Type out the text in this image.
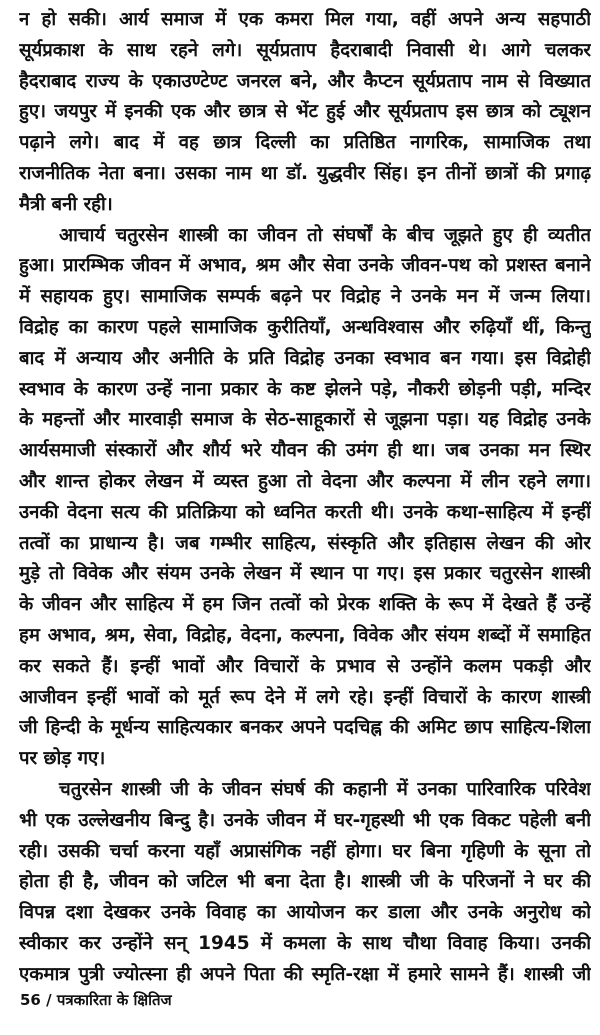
न हो सकी। आर्य समाज में एक कमरा मिल गया, वहीं अपने अन्य सहपाठी
सूर्यप्रकाश के साथ रहने लगे। सूर्यप्रताप हैदराबादी निवासी थे। आगे चलकर
हैदराबाद राज्य के एकाउण्टेण्ट जनरल बने, और कैप्टन सूर्यप्रताप नाम से विख्यात
हुए। जयपुर में इनकी एक और छात्र से भेंट हुई और सूर्यप्रताप इस छात्र को ट्यूशन
पढ़ाने लगे। बाद में वह छात्र दिल्ली का प्रतिष्ठित नागरिक, सामाजिक तथा
राजनीतिक नेता बना। उसका नाम था डॉ. युद्धवीर सिंह। इन तीनों छात्रों की प्रगाढ़
मैत्री बनी रही।
आचार्य चतुरसेन शास्त्री का जीवन तो संघर्षों के बीच जूझते हुए ही व्यतीत
हुआ। प्रारम्भिक जीवन में अभाव, श्रम और सेवा उनके जीवन-पथ को प्रशस्त बनाने
में सहायक हुए। सामाजिक सम्पर्क बढ़ने पर विद्रोह ने उनके मन में जन्म लिया।
विद्रोह का कारण पहले सामाजिक कुरीतियाँ, अन्धविश्वास और रुढ़ियाँ थीं, किन्तु
बाद में अन्याय और अनीति के प्रति विद्रोह उनका स्वभाव बन गया। इस विद्रोही
स्वभाव के कारण उन्हें नाना प्रकार के कष्ट झेलने पड़े, नौकरी छोड़नी पड़ी, मन्दिर
के महन्तों और मारवाड़ी समाज के सेठ-साहूकारों से जूझना पड़ा। यह विद्रोह उनके
आर्यसमाजी संस्कारों और शौर्य भरे यौवन की उमंग ही था। जब उनका मन स्थिर
और शान्त होकर लेखन में व्यस्त हुआ तो वेदना और कल्पना में लीन रहने लगा।
उनकी वेदना सत्य की प्रतिक्रिया को ध्वनित करती थी। उनके कथा-साहित्य में इन्हीं
तत्वों का प्राधान्य है। जब गम्भीर साहित्य, संस्कृति और इतिहास लेखन की ओर
मुड़े तो विवेक और संयम उनके लेखन में स्थान पा गए। इस प्रकार चतुरसेन शास्त्री
के जीवन और साहित्य में हम जिन तत्वों को प्रेरक शक्ति के रूप में देखते हैं उन्हें
हम अभाव, श्रम, सेवा, विद्रोह, वेदना, कल्पना, विवेक और संयम शब्दों में समाहित
कर सकते हैं। इन्हीं भावों और विचारों के प्रभाव से उन्होंने कलम पकड़ी और
आजीवन इन्हीं भावों को मूर्त रूप देने में लगे रहे। इन्हीं विचारों के कारण शास्त्री
जी हिन्दी के मूर्धन्य साहित्यकार बनकर अपने पदचिह्न की अमिट छाप साहित्य-शिला
पर छोड़ गए।
चतुरसेन शास्त्री जी के जीवन संघर्ष की कहानी में उनका पारिवारिक परिवेश
भी एक उल्लेखनीय बिन्दु है। उनके जीवन में घर-गृहस्थी भी एक विकट पहेली बनी
रही। उसकी चर्चा करना यहाँ अप्रासंगिक नहीं होगा। घर बिना गृहिणी के सूना तो
होता ही है, जीवन को जटिल भी बना देता है। शास्त्री जी के परिजनों ने घर की
विपन्न दशा देखकर उनके विवाह का आयोजन कर डाला और उनके अनुरोध को
स्वीकार कर उन्होंने सन् 1945 में कमला के साथ चौथा विवाह किया। उनकी
एकमात्र पुत्री ज्योत्स्ना ही अपने पिता की स्मृति-रक्षा में हमारे सामने हैं। शास्त्री जी
56 / पत्रकारिता के क्षितिज
